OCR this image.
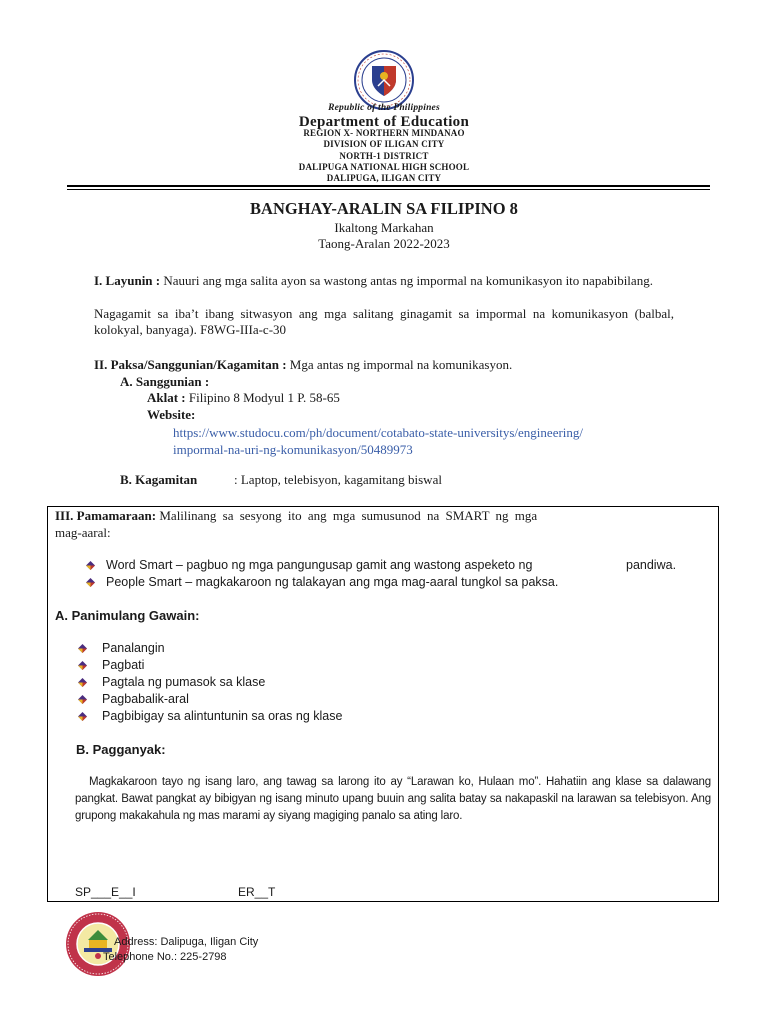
Republic of the Philippines
Department of Education
REGION X- NORTHERN MINDANAO
DIVISION OF ILIGAN CITY
NORTH-1 DISTRICT
DALIPUGA NATIONAL HIGH SCHOOL
DALIPUGA, ILIGAN CITY
BANGHAY-ARALIN SA FILIPINO 8
Ikaltong Markahan
Taong-Aralan 2022-2023
I. Layunin : Nauuri ang mga salita ayon sa wastong antas ng impormal na komunikasyon ito napabibilang.
Nagagamit sa iba’t ibang sitwasyon ang mga salitang ginagamit sa impormal na komunikasyon (balbal, kolokyal, banyaga). F8WG-IIIa-c-30
II. Paksa/Sanggunian/Kagamitan : Mga antas ng impormal na komunikasyon.
A. Sanggunian :
Aklat : Filipino 8 Modyul 1 P. 58-65
Website:
https://www.studocu.com/ph/document/cotabato-state-universitys/engineering/
impormal-na-uri-ng-komunikasyon/50489973
B. Kagamitan	: Laptop, telebisyon, kagamitang biswal
III. Pamamaraan: Malilinang sa sesyong ito ang mga sumusunod na SMART ng mga
mag-aaral:
Word Smart – pagbuo ng mga pangungusap gamit ang wastong aspeketo ng	pandiwa.
People Smart – magkakaroon ng talakayan ang mga mag-aaral tungkol sa paksa.
A. Panimulang Gawain:
Panalangin
Pagbati
Pagtala ng pumasok sa klase
Pagbabalik-aral
Pagbibigay sa alintuntunin sa oras ng klase
B. Pagganyak:
Magkakaroon tayo ng isang laro, ang tawag sa larong ito ay “Larawan ko, Hulaan mo”. Hahatiin ang klase sa dalawang pangkat. Bawat pangkat ay bibigyan ng isang minuto upang buuin ang salita batay sa nakapaskil na larawan sa telebisyon. Ang grupong makakahula ng mas marami ay siyang magiging panalo sa ating laro.
SP___E__I	ER__T
Address: Dalipuga, Iligan City
Telephone No.: 225-2798
